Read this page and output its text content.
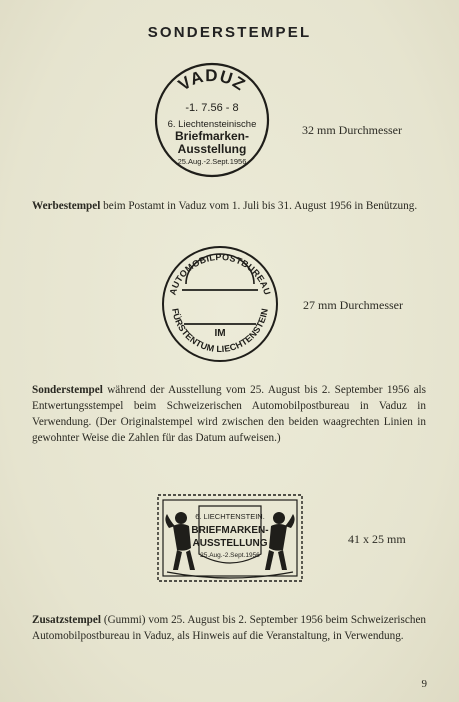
SONDERSTEMPEL
VADUZ
-1. 7.56 - 8
6. Liechtensteinische
Briefmarken-
Ausstellung
25.Aug.-2.Sept.1956
32 mm Durchmesser
Werbestempel beim Postamt in Vaduz vom 1. Juli bis 31. August 1956 in Benützung.
AUTOMOBILPOSTBUREAU
IM
FÜRSTENTUM LIECHTENSTEIN	27 mm Durchmesser
Sonderstempel während der Ausstellung vom 25. August bis 2. September 1956 als Entwertungsstempel beim Schweizerischen Automobilpostbureau in Vaduz in Verwendung. (Der Originalstempel wird zwischen den beiden waagrechten Linien in gewohnter Weise die Zahlen für das Datum aufweisen.)
6. LIECHTENSTEIN.
BRIEFMARKEN-
AUSSTELLUNG
25.Aug.-2.Sept.1956
41 x 25 mm
Zusatzstempel (Gummi) vom 25. August bis 2. September 1956 beim Schweizerischen Automobilpostbureau in Vaduz, als Hinweis auf die Veranstaltung, in Verwendung.
9
